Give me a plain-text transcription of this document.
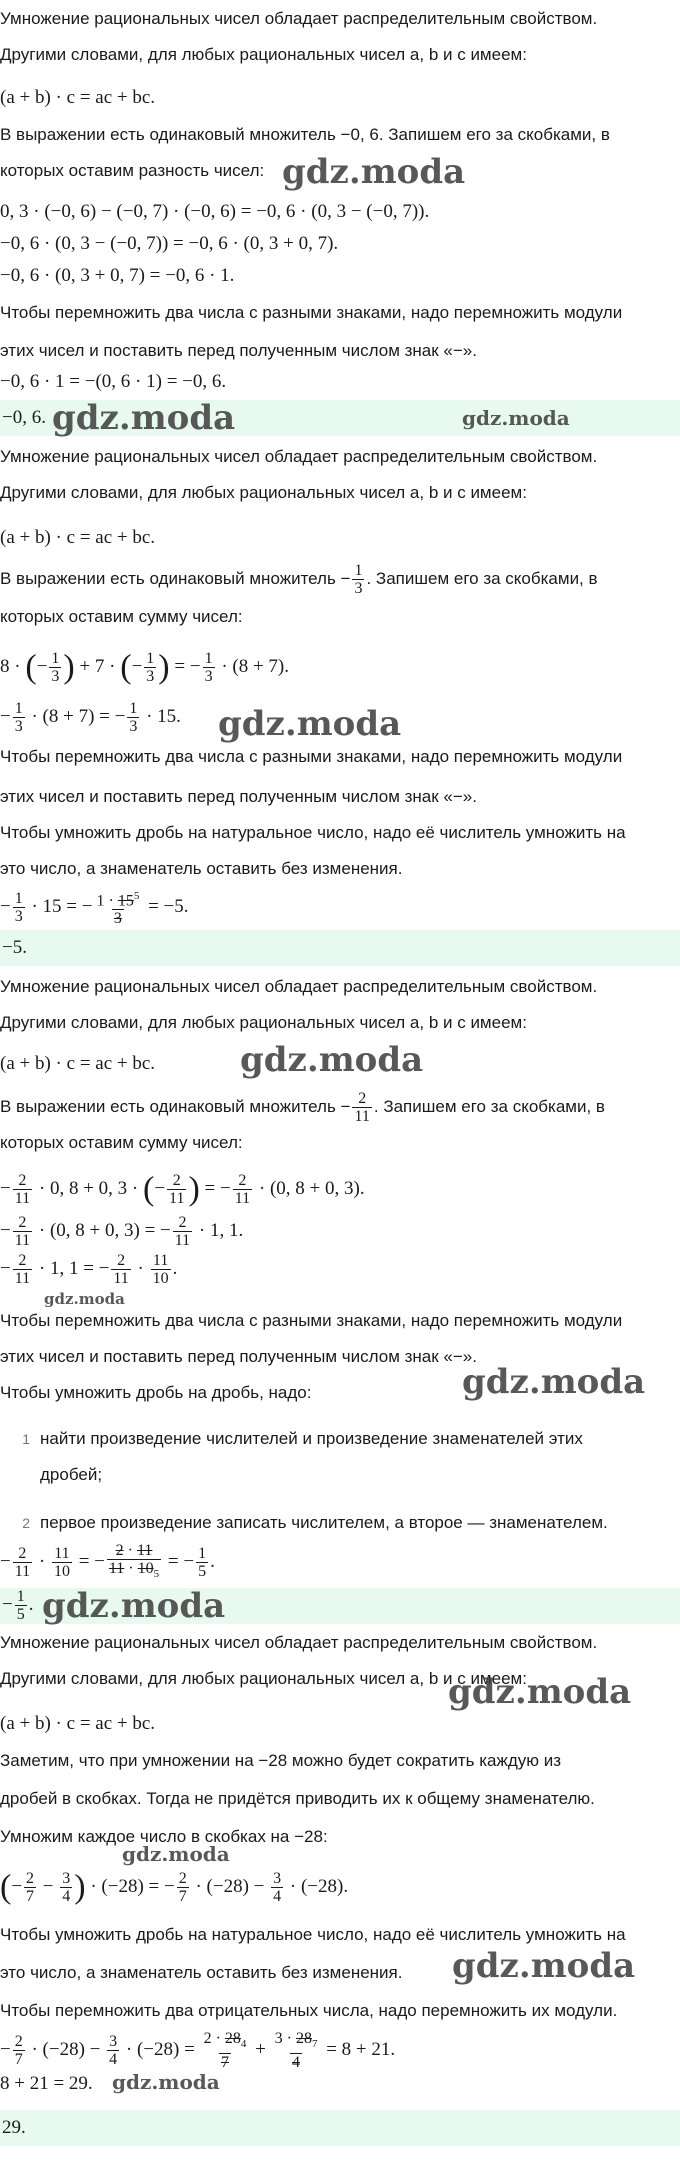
Умножение рациональных чисел обладает распределительным свойством.
Другими словами, для любых рациональных чисел a, b и c имеем:
(a + b) · c = ac + bc.
В выражении есть одинаковый множитель −0, 6. Запишем его за скобками, в
которых оставим разность чисел: gdz.moda
0, 3 · (−0, 6) − (−0, 7) · (−0, 6) = −0, 6 · (0, 3 − (−0, 7)).
−0, 6 · (0, 3 − (−0, 7)) = −0, 6 · (0, 3 + 0, 7).
−0, 6 · (0, 3 + 0, 7) = −0, 6 · 1.
Чтобы перемножить два числа с разными знаками, надо перемножить модули
этих чисел и поставить перед полученным числом знак «−».
−0, 6 · 1 = −(0, 6 · 1) = −0, 6.
−0, 6. gdz.moda	gdz.moda
Умножение рациональных чисел обладает распределительным свойством.
Другими словами, для любых рациональных чисел a, b и c имеем:
(a + b) · c = ac + bc.
В выражении есть одинаковый множитель − $\frac{1}{3}$ . Запишем его за скобками, в
которых оставим сумму чисел:
8 · (− $\frac{1}{3}$ ) + 7 · (− $\frac{1}{3}$ ) = − $\frac{1}{3} \cdot (8 + 7)$.
− $\frac{1}{3} \cdot (8 + 7)$ = − $\frac{1}{3} \cdot 15$. gdz.moda
Чтобы перемножить два числа с разными знаками, надо перемножить модули
этих чисел и поставить перед полученным числом знак «−».
Чтобы умножить дробь на натуральное число, надо её числитель умножить на
это число, а знаменатель оставить без изменения.
− $\frac{1}{3} \cdot 15$ = − $\frac{1 \cdot 15^5}{3} = -5$.
−5.
Умножение рациональных чисел обладает распределительным свойством.
Другими словами, для любых рациональных чисел a, b и c имеем:
(a + b) · c = ac + bc. gdz.moda
В выражении есть одинаковый множитель − $\frac{2}{11}$ . Запишем его за скобками, в
которых оставим сумму чисел:
− $\frac{2}{11} \cdot 0$, 8 + 0, 3 · (− $\frac{2}{11}$ ) = − $\frac{2}{11} \cdot (0$, 8 + 0, 3).
− $\frac{2}{11} \cdot (0$, 8 + 0, 3) = − $\frac{2}{11} \cdot 1$, 1.
− $\frac{2}{11} \cdot 1$, 1 = − $\frac{2}{11} \cdot \frac{11}{10}$ .
gdz.moda
Чтобы перемножить два числа с разными знаками, надо перемножить модули
этих чисел и поставить перед полученным числом знак «−».
Чтобы умножить дробь на дробь, надо:	gdz.moda
1 найти произведение числителей и произведение знаменателей этих
дробей;
2 первое произведение записать числителем, а второе — знаменателем.
− $\frac{2}{11} \cdot \frac{11}{10}$ = − $\frac{2 \cdot 11}{11 \cdot 10_5}$ = − $\frac{1}{5}$ .
− $\frac{1}{5}$ . gdz.moda
Умножение рациональных чисел обладает распределительным свойством.
Другими словами, для любых рациональных чисел a, b и c имеем:
gdz.moda
(a + b) · c = ac + bc.
Заметим, что при умножении на −28 можно будет сократить каждую из
дробей в скобках. Тогда не придётся приводить их к общему знаменателю.
Умножим каждое число в скобках на −28:
gdz.moda
(− $\frac{2}{7} - \frac{3}{4}$ ) · (−28) = − $\frac{2}{7} \cdot (-28) - \frac{3}{4} \cdot (-28)$.
Чтобы умножить дробь на натуральное число, надо её числитель умножить на
это число, а знаменатель оставить без изменения. gdz.moda
Чтобы перемножить два отрицательных числа, надо перемножить их модули.
− $\frac{2}{7} \cdot (-28) - \frac{3}{4} \cdot (-28) = \frac{2 \cdot 28_4}{7} + \frac{3 \cdot 28_7}{4} = 8 + 21$.
8 + 21 = 29. gdz.moda
29.
